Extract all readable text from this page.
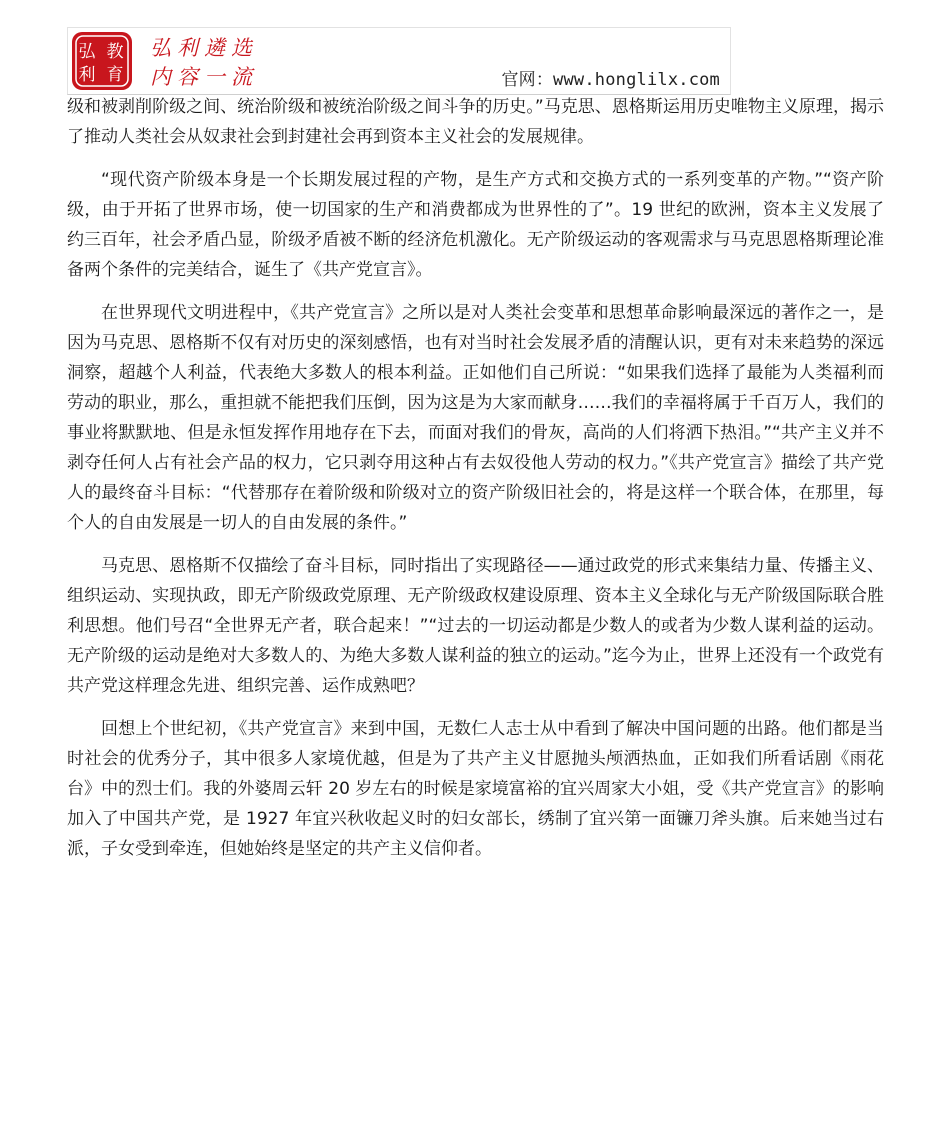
弘
利
教
育
弘利遴选
内容一流	官网：www.honglilx.com

级和被剥削阶级之间、统治阶级和被统治阶级之间斗争的历史。”马克思、恩格斯运用历史唯物主义原理，揭示了推动人类社会从奴隶社会到封建社会再到资本主义社会的发展规律。

“现代资产阶级本身是一个长期发展过程的产物，是生产方式和交换方式的一系列变革的产物。”“资产阶级，由于开拓了世界市场，使一切国家的生产和消费都成为世界性的了”。19 世纪的欧洲，资本主义发展了约三百年，社会矛盾凸显，阶级矛盾被不断的经济危机激化。无产阶级运动的客观需求与马克思恩格斯理论准备两个条件的完美结合，诞生了《共产党宣言》。

在世界现代文明进程中，《共产党宣言》之所以是对人类社会变革和思想革命影响最深远的著作之一，是因为马克思、恩格斯不仅有对历史的深刻感悟，也有对当时社会发展矛盾的清醒认识，更有对未来趋势的深远洞察，超越个人利益，代表绝大多数人的根本利益。正如他们自己所说：“如果我们选择了最能为人类福利而劳动的职业，那么，重担就不能把我们压倒，因为这是为大家而献身……我们的幸福将属于千百万人，我们的事业将默默地、但是永恒发挥作用地存在下去，而面对我们的骨灰，高尚的人们将洒下热泪。”“共产主义并不剥夺任何人占有社会产品的权力，它只剥夺用这种占有去奴役他人劳动的权力。”《共产党宣言》描绘了共产党人的最终奋斗目标：“代替那存在着阶级和阶级对立的资产阶级旧社会的，将是这样一个联合体，在那里，每个人的自由发展是一切人的自由发展的条件。”

马克思、恩格斯不仅描绘了奋斗目标，同时指出了实现路径——通过政党的形式来集结力量、传播主义、组织运动、实现执政，即无产阶级政党原理、无产阶级政权建设原理、资本主义全球化与无产阶级国际联合胜利思想。他们号召“全世界无产者，联合起来！”“过去的一切运动都是少数人的或者为少数人谋利益的运动。无产阶级的运动是绝对大多数人的、为绝大多数人谋利益的独立的运动。”迄今为止，世界上还没有一个政党有共产党这样理念先进、组织完善、运作成熟吧？

回想上个世纪初，《共产党宣言》来到中国，无数仁人志士从中看到了解决中国问题的出路。他们都是当时社会的优秀分子，其中很多人家境优越，但是为了共产主义甘愿抛头颅洒热血，正如我们所看话剧《雨花台》中的烈士们。我的外婆周云轩 20 岁左右的时候是家境富裕的宜兴周家大小姐，受《共产党宣言》的影响加入了中国共产党，是 1927 年宜兴秋收起义时的妇女部长，绣制了宜兴第一面镰刀斧头旗。后来她当过右派，子女受到牵连，但她始终是坚定的共产主义信仰者。
